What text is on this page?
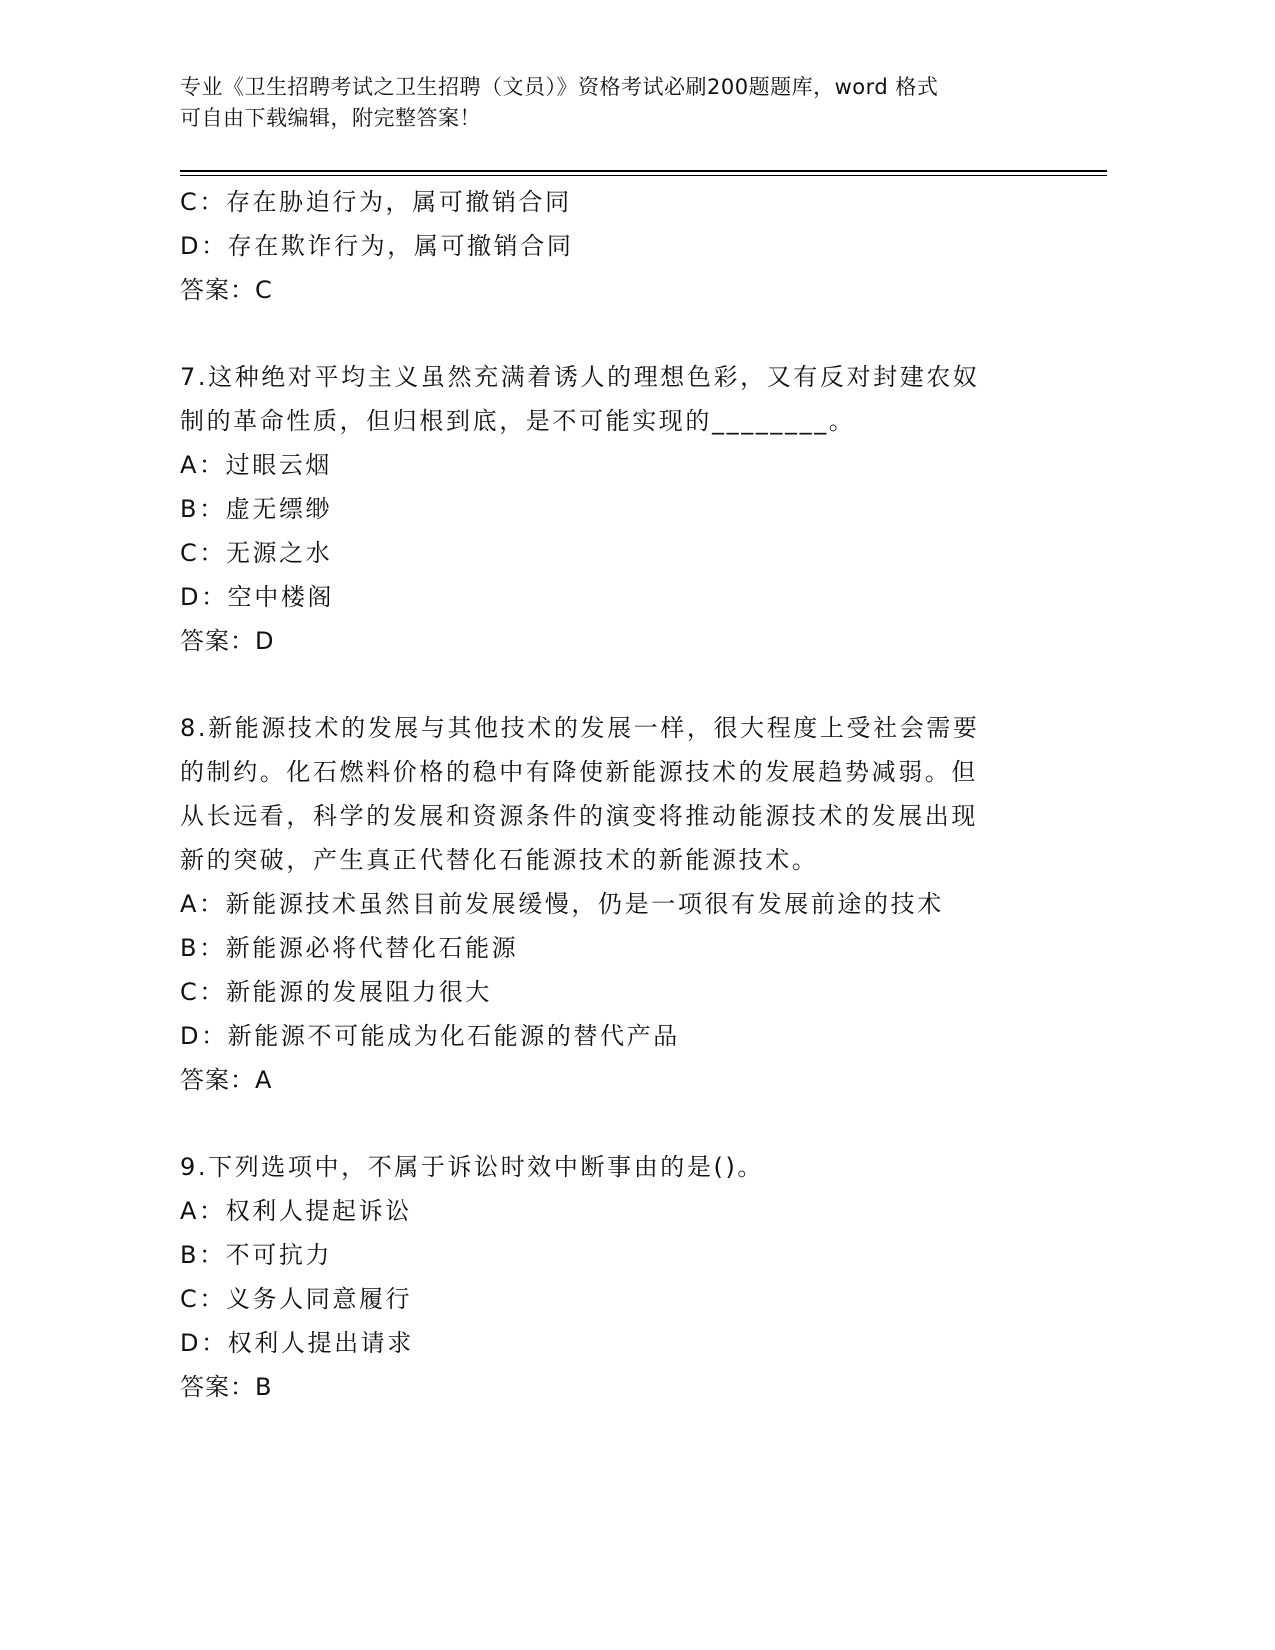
专业《卫生招聘考试之卫生招聘（文员）》资格考试必刷200题题库，word 格式
可自由下载编辑，附完整答案！
C：存在胁迫行为，属可撤销合同
D：存在欺诈行为，属可撤销合同
答案：C
7.这种绝对平均主义虽然充满着诱人的理想色彩，又有反对封建农奴
制的革命性质，但归根到底，是不可能实现的________。
A：过眼云烟
B：虚无缥缈
C：无源之水
D：空中楼阁
答案：D
8.新能源技术的发展与其他技术的发展一样，很大程度上受社会需要
的制约。化石燃料价格的稳中有降使新能源技术的发展趋势减弱。但
从长远看，科学的发展和资源条件的演变将推动能源技术的发展出现
新的突破，产生真正代替化石能源技术的新能源技术。
A：新能源技术虽然目前发展缓慢，仍是一项很有发展前途的技术
B：新能源必将代替化石能源
C：新能源的发展阻力很大
D：新能源不可能成为化石能源的替代产品
答案：A
9.下列选项中，不属于诉讼时效中断事由的是()。
A：权利人提起诉讼
B：不可抗力
C：义务人同意履行
D：权利人提出请求
答案：B
